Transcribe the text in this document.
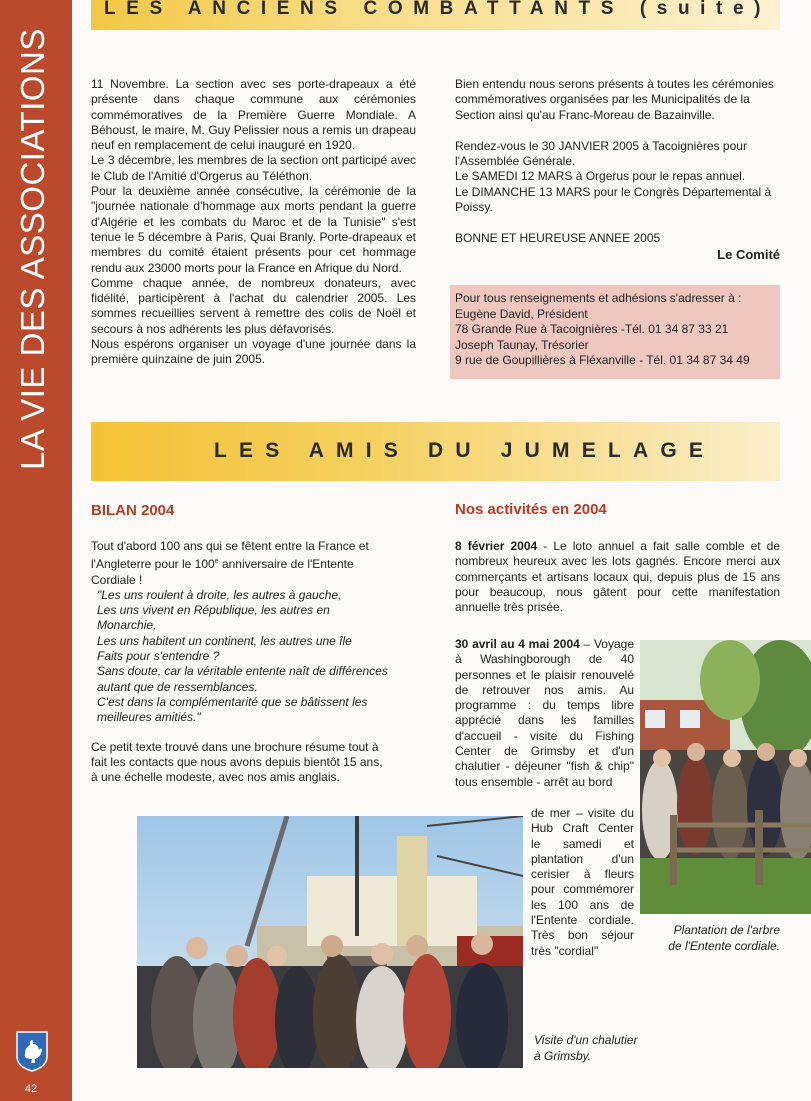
LA VIE DES ASSOCIATIONS
42
LES ANCIENS COMBATTANTS (suite)

11 Novembre. La section avec ses porte-drapeaux a été présente dans chaque commune aux cérémonies commémoratives de la Première Guerre Mondiale. A Béhoust, le maire, M. Guy Pelissier nous a remis un drapeau neuf en remplacement de celui inauguré en 1920.

Le 3 décembre, les membres de la section ont participé avec le Club de l'Amitié d'Orgerus au Téléthon.

Pour la deuxième année consécutive, la cérémonie de la "journée nationale d'hommage aux morts pendant la guerre d'Algérie et les combats du Maroc et de la Tunisie" s'est tenue le 5 décembre à Paris, Quai Branly. Porte-drapeaux et membres du comité étaient présents pour cet hommage rendu aux 23000 morts pour la France en Afrique du Nord.

Comme chaque année, de nombreux donateurs, avec fidélité, participèrent à l'achat du calendrier 2005. Les sommes recueillies servent à remettre des colis de Noël et secours à nos adhérents les plus défavorisés.

Nous espérons organiser un voyage d'une journée dans la première quinzaine de juin 2005.

Bien entendu nous serons présents à toutes les cérémonies commémoratives organisées par les Municipalités de la Section ainsi qu'au Franc-Moreau de Bazainville.

Rendez-vous le 30 JANVIER 2005 à Tacoignières pour l'Assemblée Générale.

Le SAMEDI 12 MARS à Orgerus pour le repas annuel.

Le DIMANCHE 13 MARS pour le Congrès Départemental à Poissy.

BONNE ET HEUREUSE ANNEE 2005

Le Comité

Pour tous renseignements et adhésions s'adresser à :

Eugène David, Président

78 Grande Rue à Tacoignières -Tél. 01 34 87 33 21

Joseph Taunay, Trésorier

9 rue de Goupillières à Fléxanville - Tél. 01 34 87 34 49

LES AMIS DU JUMELAGE
BILAN 2004	Nos activités en 2004

Tout d'abord 100 ans qui se fêtent entre la France et l'Angleterre pour le 100e anniversaire de l'Entente Cordiale !

"Les uns roulent à droite, les autres à gauche,

Les uns vivent en République, les autres en Monarchie,

Les uns habitent un continent, les autres une île

Faits pour s'entendre ?

Sans doute, car la véritable entente naît de différences autant que de ressemblances.

C'est dans la complémentarité que se bâtissent les meilleures amitiés."

Ce petit texte trouvé dans une brochure résume tout à fait les contacts que nous avons depuis bientôt 15 ans, à une échelle modeste, avec nos amis anglais.

8 février 2004 - Le loto annuel a fait salle comble et de nombreux heureux avec les lots gagnés. Encore merci aux commerçants et artisans locaux qui, depuis plus de 15 ans pour beaucoup, nous gâtent pour cette manifestation annuelle très prisée.

30 avril au 4 mai 2004 – Voyage à Washingborough de 40 personnes et le plaisir renouvelé de retrouver nos amis. Au programme : du temps libre apprécié dans les familles d'accueil - visite du Fishing Center de Grimsby et d'un chalutier - déjeuner "fish & chip" tous ensemble - arrêt au bord

de mer – visite du Hub Craft Center le samedi et plantation d'un cerisier à fleurs pour commémorer les 100 ans de l'Entente cordiale. Très bon séjour très "cordial"

Visite d'un chalutier à Grimsby.
Plantation de l'arbre de l'Entente cordiale.
